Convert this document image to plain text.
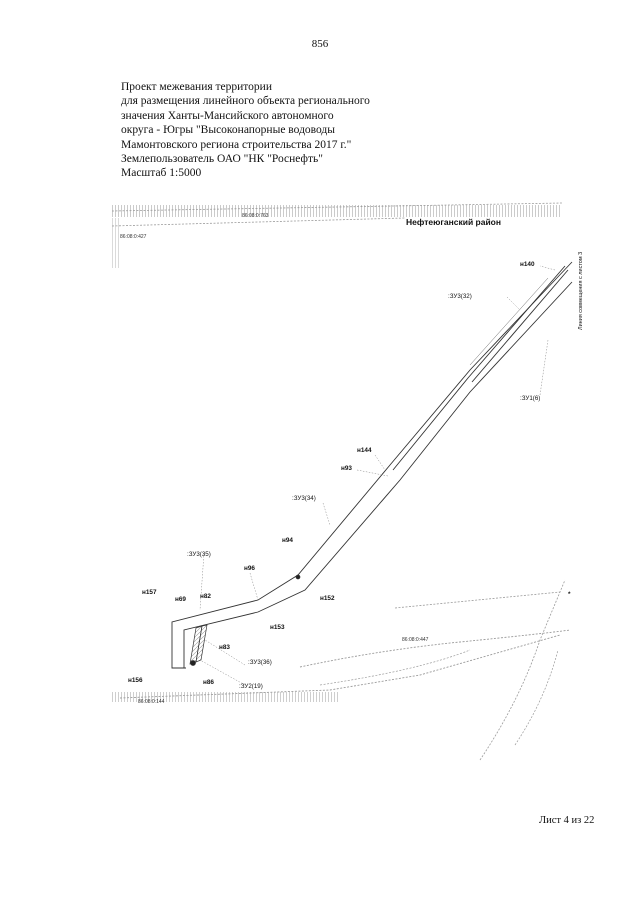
856
Проект межевания территории
для размещения линейного объекта регионального
значения Ханты-Мансийского автономного
округа - Югры "Высоконапорные водоводы
Мамонтовского региона строительства 2017 г."
Землепользователь ОАО "НК "Роснефть"
Масштаб 1:5000
Нефтеюганский район
Линия совмещения с листом 3
86:08:0:763
86:08:0:427
86:08:0:447
86:08:0:144
н140
н144
н93
н94
н96
н152
н153
н157
н69 н82
н83
н156	н86
:ЗУ3(32)
:ЗУ1(6)
:ЗУ3(34)
:ЗУ3(35)
:ЗУ3(36)
:ЗУ2(19)
*
Лист 4 из 22
